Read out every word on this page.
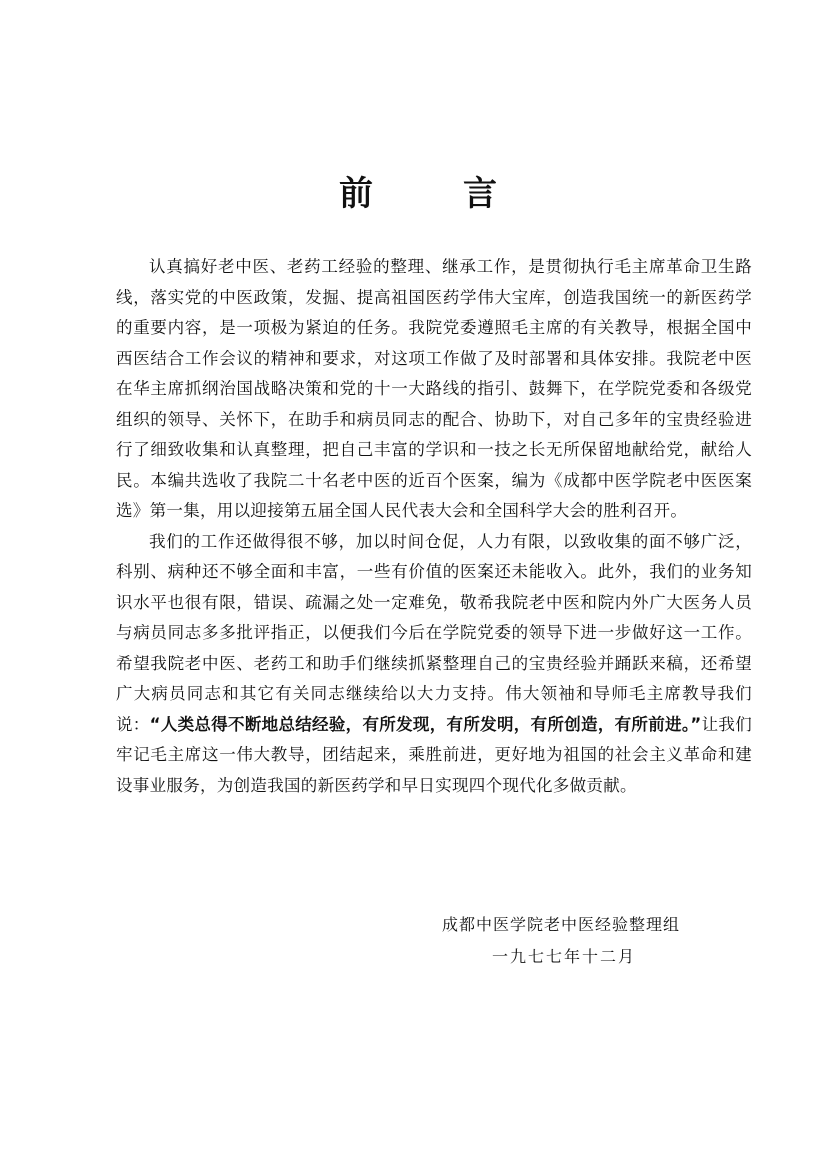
前	言

认真搞好老中医、老药工经验的整理、继承工作，是贯彻执行毛主席革命卫生路线，落实党的中医政策，发掘、提高祖国医药学伟大宝库，创造我国统一的新医药学的重要内容，是一项极为紧迫的任务。我院党委遵照毛主席的有关教导，根据全国中西医结合工作会议的精神和要求，对这项工作做了及时部署和具体安排。我院老中医在华主席抓纲治国战略决策和党的十一大路线的指引、鼓舞下，在学院党委和各级党组织的领导、关怀下，在助手和病员同志的配合、协助下，对自己多年的宝贵经验进行了细致收集和认真整理，把自己丰富的学识和一技之长无所保留地献给党，献给人民。本编共选收了我院二十名老中医的近百个医案，编为《成都中医学院老中医医案选》第一集，用以迎接第五届全国人民代表大会和全国科学大会的胜利召开。

我们的工作还做得很不够，加以时间仓促，人力有限，以致收集的面不够广泛，科别、病种还不够全面和丰富，一些有价值的医案还未能收入。此外，我们的业务知识水平也很有限，错误、疏漏之处一定难免，敬希我院老中医和院内外广大医务人员与病员同志多多批评指正，以便我们今后在学院党委的领导下进一步做好这一工作。希望我院老中医、老药工和助手们继续抓紧整理自己的宝贵经验并踊跃来稿，还希望广大病员同志和其它有关同志继续给以大力支持。伟大领袖和导师毛主席教导我们说：“人类总得不断地总结经验，有所发现，有所发明，有所创造，有所前进。”让我们牢记毛主席这一伟大教导，团结起来，乘胜前进，更好地为祖国的社会主义革命和建设事业服务，为创造我国的新医药学和早日实现四个现代化多做贡献。

成都中医学院老中医经验整理组
一九七七年十二月
